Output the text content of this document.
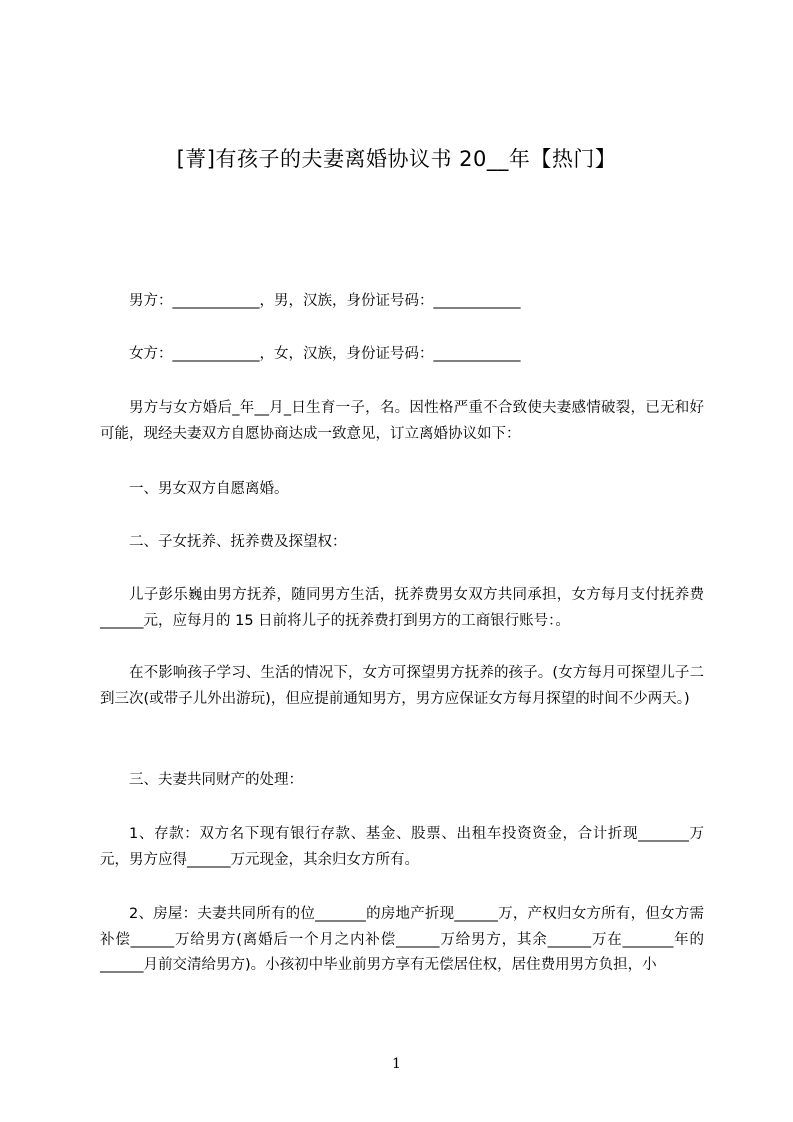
[菁]有孩子的夫妻离婚协议书 20__年【热门】

男方：____________，男，汉族，身份证号码：____________

女方：____________，女，汉族，身份证号码：____________

男方与女方婚后_年__月_日生育一子，名。因性格严重不合致使夫妻感情破裂，已无和好可能，现经夫妻双方自愿协商达成一致意见，订立离婚协议如下：

一、男女双方自愿离婚。

二、子女抚养、抚养费及探望权：

儿子彭乐巍由男方抚养，随同男方生活，抚养费男女双方共同承担，女方每月支付抚养费______元，应每月的 15 日前将儿子的抚养费打到男方的工商银行账号：。

在不影响孩子学习、生活的情况下，女方可探望男方抚养的孩子。(女方每月可探望儿子二到三次(或带子儿外出游玩)，但应提前通知男方，男方应保证女方每月探望的时间不少两天。)

三、夫妻共同财产的处理：

1、存款：双方名下现有银行存款、基金、股票、出租车投资资金，合计折现_______万元，男方应得______万元现金，其余归女方所有。

2、房屋：夫妻共同所有的位_______的房地产折现______万，产权归女方所有，但女方需补偿______万给男方(离婚后一个月之内补偿______万给男方，其余______万在_______年的______月前交清给男方)。小孩初中毕业前男方享有无偿居住权，居住费用男方负担，小

1
